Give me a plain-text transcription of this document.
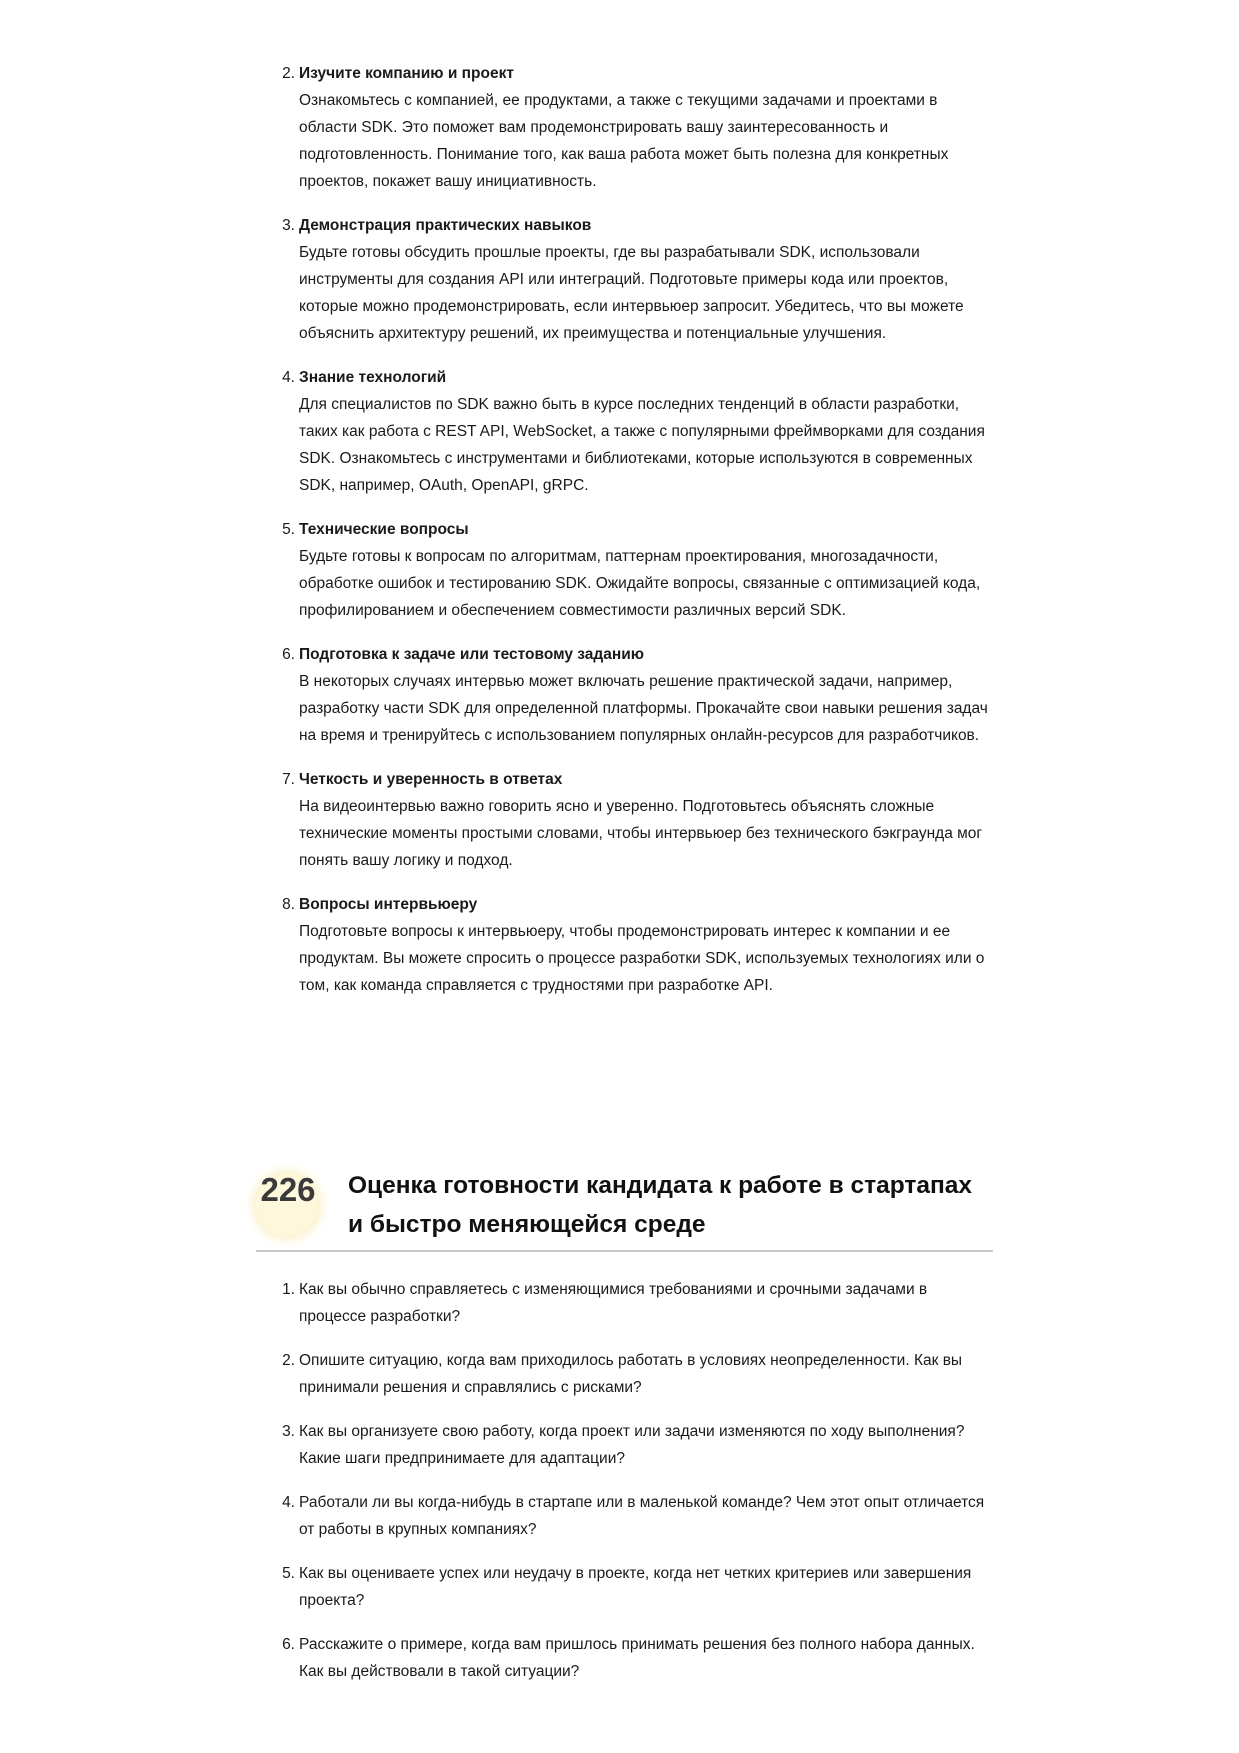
2. Изучите компанию и проект
Ознакомьтесь с компанией, ее продуктами, а также с текущими задачами и проектами в области SDK. Это поможет вам продемонстрировать вашу заинтересованность и подготовленность. Понимание того, как ваша работа может быть полезна для конкретных проектов, покажет вашу инициативность.
3. Демонстрация практических навыков
Будьте готовы обсудить прошлые проекты, где вы разрабатывали SDK, использовали инструменты для создания API или интеграций. Подготовьте примеры кода или проектов, которые можно продемонстрировать, если интервьюер запросит. Убедитесь, что вы можете объяснить архитектуру решений, их преимущества и потенциальные улучшения.
4. Знание технологий
Для специалистов по SDK важно быть в курсе последних тенденций в области разработки, таких как работа с REST API, WebSocket, а также с популярными фреймворками для создания SDK. Ознакомьтесь с инструментами и библиотеками, которые используются в современных SDK, например, OAuth, OpenAPI, gRPC.
5. Технические вопросы
Будьте готовы к вопросам по алгоритмам, паттернам проектирования, многозадачности, обработке ошибок и тестированию SDK. Ожидайте вопросы, связанные с оптимизацией кода, профилированием и обеспечением совместимости различных версий SDK.
6. Подготовка к задаче или тестовому заданию
В некоторых случаях интервью может включать решение практической задачи, например, разработку части SDK для определенной платформы. Прокачайте свои навыки решения задач на время и тренируйтесь с использованием популярных онлайн-ресурсов для разработчиков.
7. Четкость и уверенность в ответах
На видеоинтервью важно говорить ясно и уверенно. Подготовьтесь объяснять сложные технические моменты простыми словами, чтобы интервьюер без технического бэкграунда мог понять вашу логику и подход.
8. Вопросы интервьюеру
Подготовьте вопросы к интервьюеру, чтобы продемонстрировать интерес к компании и ее продуктам. Вы можете спросить о процессе разработки SDK, используемых технологиях или о том, как команда справляется с трудностями при разработке API.
226	Оценка готовности кандидата к работе в стартапах и быстро меняющейся среде
1. Как вы обычно справляетесь с изменяющимися требованиями и срочными задачами в процессе разработки?
2. Опишите ситуацию, когда вам приходилось работать в условиях неопределенности. Как вы принимали решения и справлялись с рисками?
3. Как вы организуете свою работу, когда проект или задачи изменяются по ходу выполнения? Какие шаги предпринимаете для адаптации?
4. Работали ли вы когда-нибудь в стартапе или в маленькой команде? Чем этот опыт отличается от работы в крупных компаниях?
5. Как вы оцениваете успех или неудачу в проекте, когда нет четких критериев или завершения проекта?
6. Расскажите о примере, когда вам пришлось принимать решения без полного набора данных. Как вы действовали в такой ситуации?
